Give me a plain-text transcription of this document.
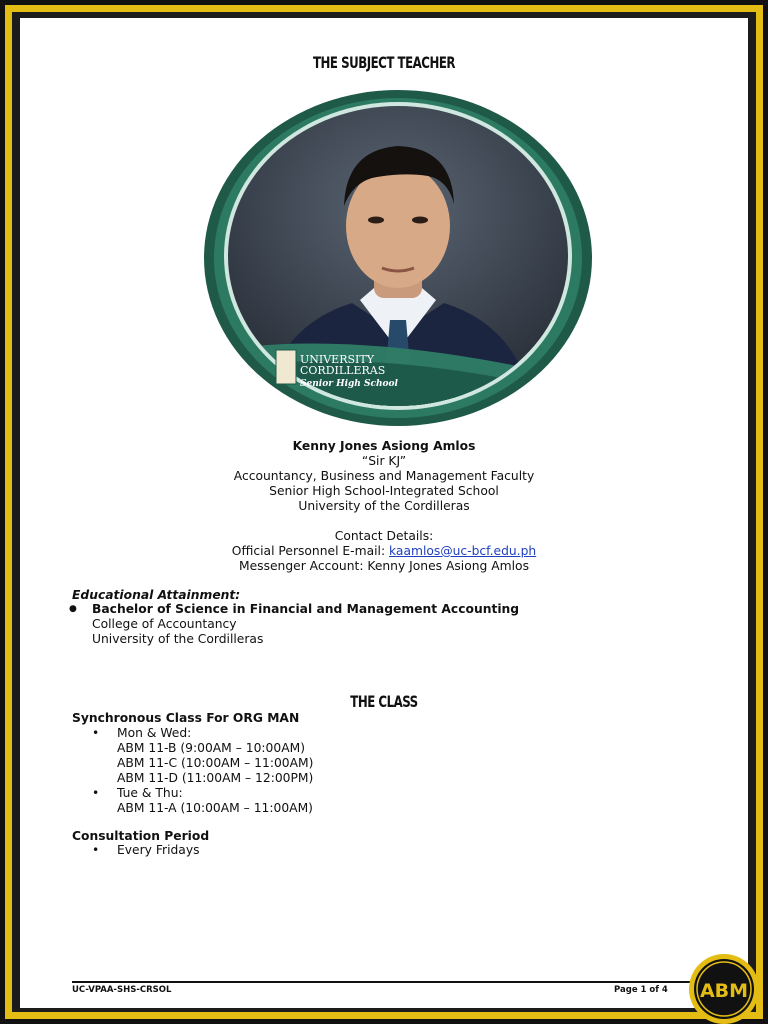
THE SUBJECT TEACHER
UNIVERSITY
CORDILLERAS
Senior High School
Kenny Jones Asiong Amlos
“Sir KJ”
Accountancy, Business and Management Faculty
Senior High School-Integrated School
University of the Cordilleras
Contact Details:
Official Personnel E-mail: kaamlos@uc-bcf.edu.ph
Messenger Account: Kenny Jones Asiong Amlos
Educational Attainment:
● Bachelor of Science in Financial and Management Accounting
College of Accountancy
University of the Cordilleras
THE CLASS
Synchronous Class For ORG MAN
• Mon & Wed:
ABM 11-B (9:00AM – 10:00AM)
ABM 11-C (10:00AM – 11:00AM)
ABM 11-D (11:00AM – 12:00PM)
• Tue & Thu:
ABM 11-A (10:00AM – 11:00AM)
Consultation Period
• Every Fridays
UC-VPAA-SHS-CRSOL	Page 1 of 4 ABM
